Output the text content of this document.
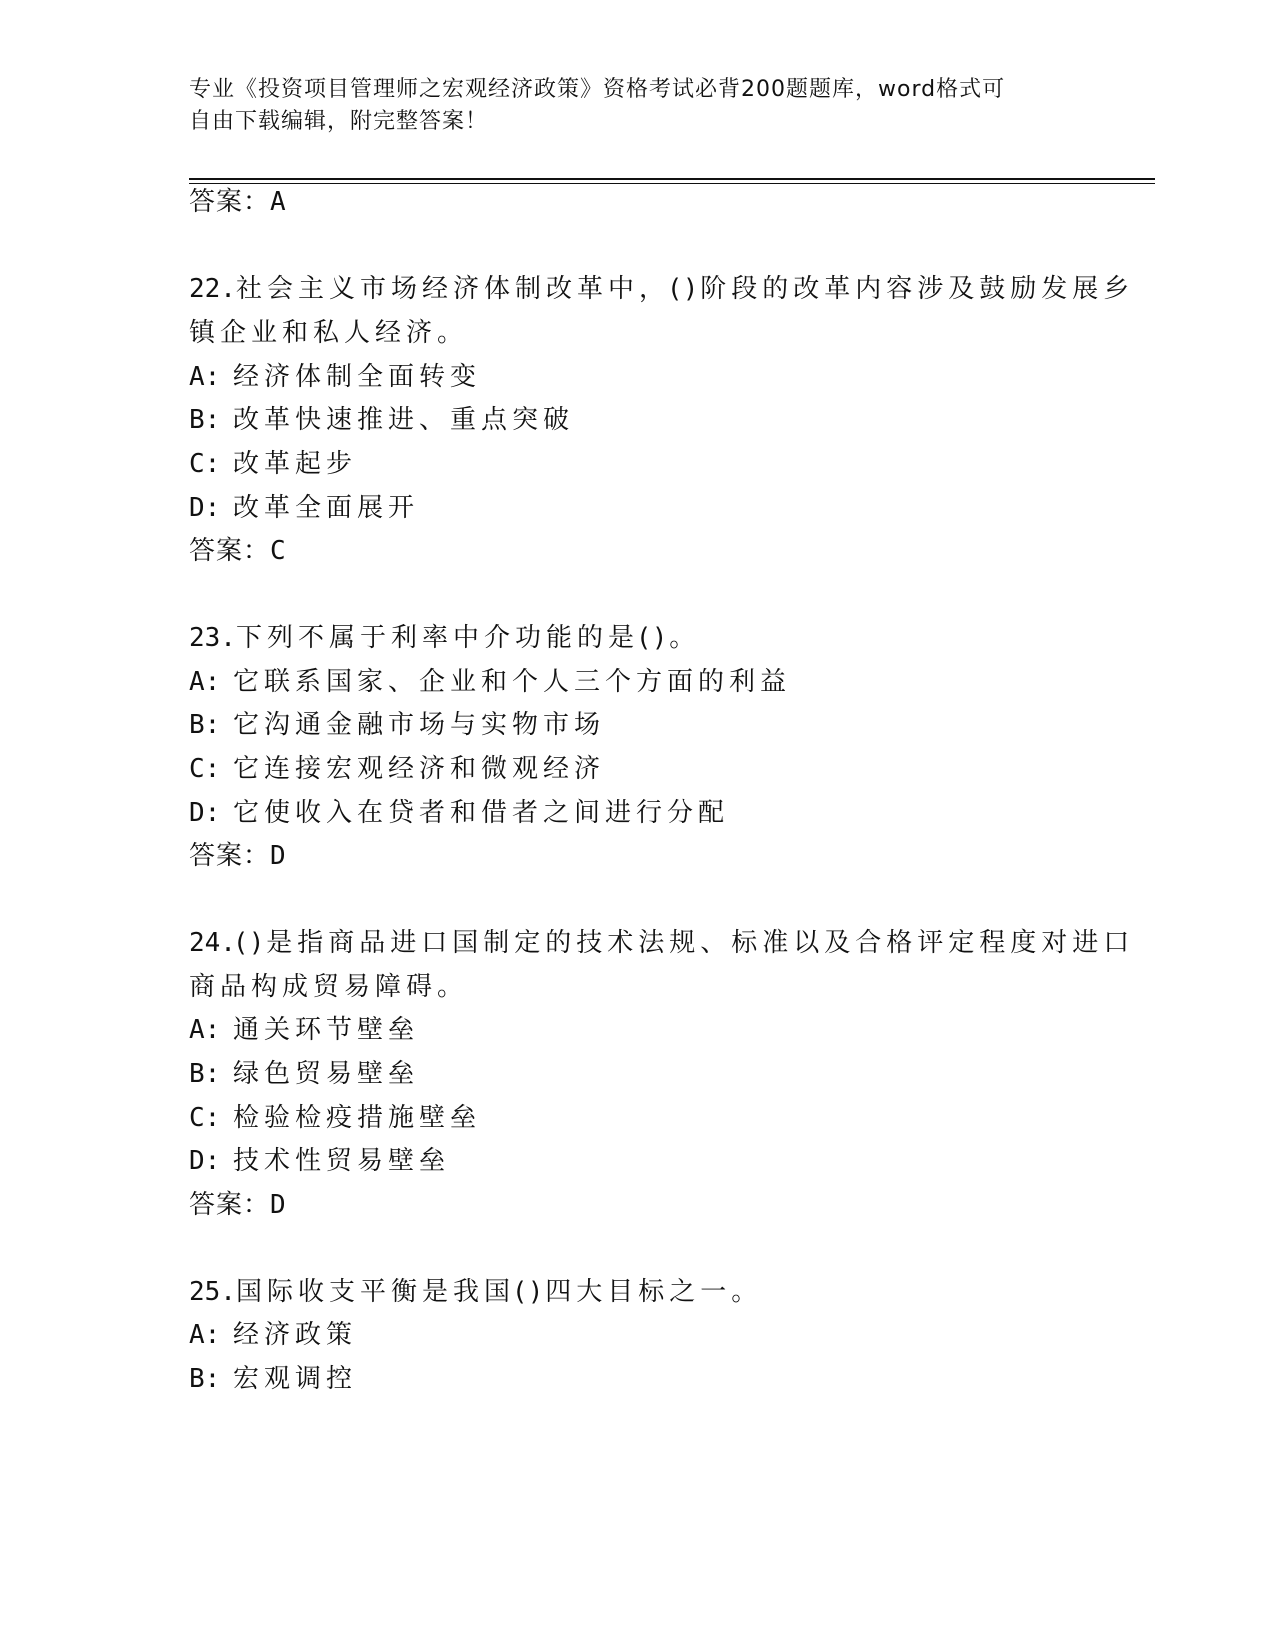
专业《投资项目管理师之宏观经济政策》资格考试必背200题题库，word格式可
自由下载编辑，附完整答案！
答案：A
22.社会主义市场经济体制改革中，()阶段的改革内容涉及鼓励发展乡
镇企业和私人经济。
A: 经济体制全面转变
B: 改革快速推进、重点突破
C: 改革起步
D: 改革全面展开
答案：C
23.下列不属于利率中介功能的是()。
A: 它联系国家、企业和个人三个方面的利益
B: 它沟通金融市场与实物市场
C: 它连接宏观经济和微观经济
D: 它使收入在贷者和借者之间进行分配
答案：D
24.()是指商品进口国制定的技术法规、标准以及合格评定程度对进口
商品构成贸易障碍。
A: 通关环节壁垒
B: 绿色贸易壁垒
C: 检验检疫措施壁垒
D: 技术性贸易壁垒
答案：D
25.国际收支平衡是我国()四大目标之一。
A: 经济政策
B: 宏观调控
